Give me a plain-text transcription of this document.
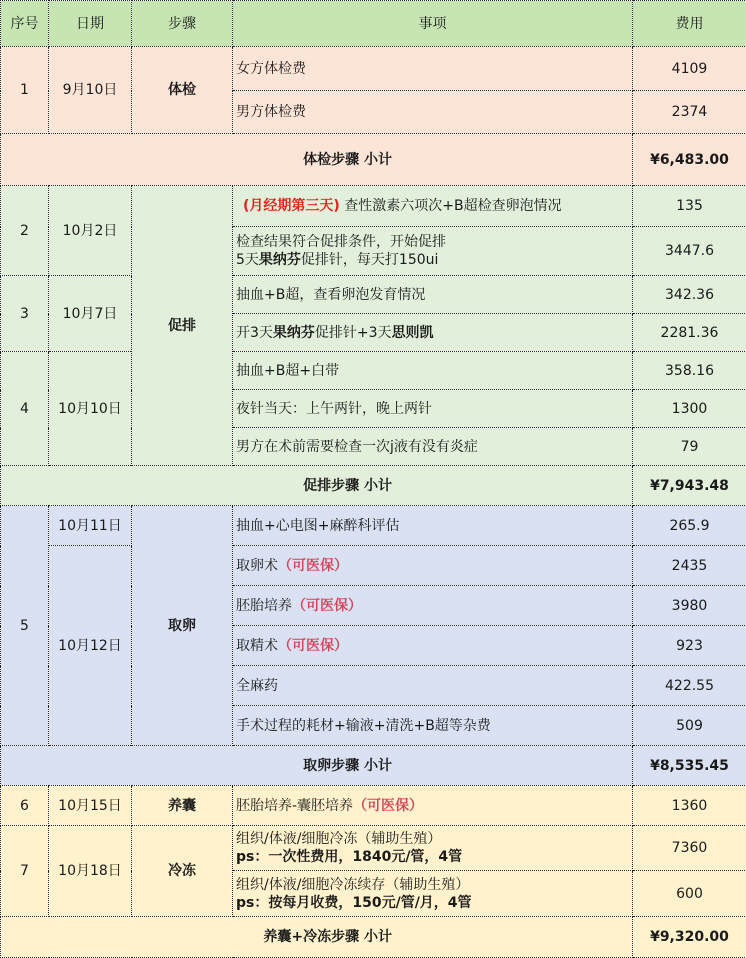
序号	日期	步骤	事项	费用
1	9月10日	体检	女方体检费	4109
			男方体检费	2374
体检步骤 小计				¥6,483.00
2	10月2日	促排	(月经期第三天) 查性激素六项次+B超检查卵泡情况	135

			检查结果符合促排条件，开始促排
5天果纳芬促排针，每天打150ui	3447.6
3	10月7日		抽血+B超，查看卵泡发育情况	342.36
			开3天果纳芬促排针+3天思则凯	2281.36
4	10月10日		抽血+B超+白带	358.16
			夜针当天：上午两针，晚上两针	1300
			男方在术前需要检查一次j液有没有炎症	79
促排步骤 小计				¥7,943.48
5	10月11日	取卵	抽血+心电图+麻醉科评估	265.9
	10月12日		取卵术（可医保）	2435
			胚胎培养（可医保）	3980
			取精术（可医保）	923
			全麻药	422.55
			手术过程的耗材+输液+清洗+B超等杂费	509
取卵步骤 小计				¥8,535.45
6	10月15日	养囊	胚胎培养-囊胚培养（可医保）	1360
7	10月18日	冷冻	组织/体液/细胞冷冻（辅助生殖）
ps：一次性费用，1840元/管，4管	7360

			组织/体液/细胞冷冻续存（辅助生殖）
ps：按每月收费，150元/管/月，4管	600
养囊+冷冻步骤 小计				¥9,320.00
